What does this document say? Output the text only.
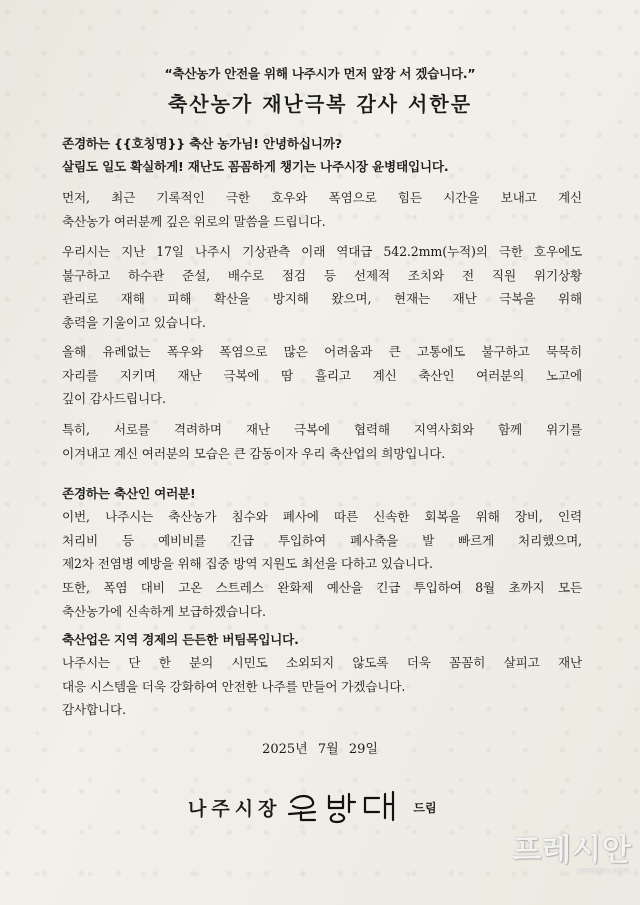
“축산농가 안전을 위해 나주시가 먼저 앞장 서 겠습니다.”
축산농가 재난극복 감사 서한문

존경하는 {{호칭명}} 축산 농가님! 안녕하십니까?

살림도 일도 확실하게! 재난도 꼼꼼하게 챙기는 나주시장 윤병태입니다.

먼저, 최근 기록적인 극한 호우와 폭염으로 힘든 시간을 보내고 계신
축산농가 여러분께 깊은 위로의 말씀을 드립니다.

우리시는 지난 17일 나주시 기상관측 이래 역대급 542.2mm(누적)의 극한 호우에도
불구하고 하수관 준설, 배수로 점검 등 선제적 조치와 전 직원 위기상황
관리로 재해 피해 확산을 방지해 왔으며, 현재는 재난 극복을 위해
총력을 기울이고 있습니다.

올해 유례없는 폭우와 폭염으로 많은 어려움과 큰 고통에도 불구하고 묵묵히
자리를 지키며 재난 극복에 땀 흘리고 계신 축산인 여러분의 노고에
깊이 감사드립니다.

특히, 서로를 격려하며 재난 극복에 협력해 지역사회와 함께 위기를
이겨내고 계신 여러분의 모습은 큰 감동이자 우리 축산업의 희망입니다.

존경하는 축산인 여러분!

이번, 나주시는 축산농가 침수와 폐사에 따른 신속한 회복을 위해 장비, 인력
처리비 등 예비비를 긴급 투입하여 폐사축을 발 빠르게 처리했으며,
제2차 전염병 예방을 위해 집중 방역 지원도 최선을 다하고 있습니다.

또한, 폭염 대비 고온 스트레스 완화제 예산을 긴급 투입하여 8월 초까지 모든
축산농가에 신속하게 보급하겠습니다.

축산업은 지역 경제의 든든한 버팀목입니다.

나주시는 단 한 분의 시민도 소외되지 않도록 더욱 꼼꼼히 살피고 재난
대응 시스템을 더욱 강화하여 안전한 나주를 만들어 가겠습니다.
감사합니다.

2025년 7월 29일
나주시장	드림
프레시안
pressian.com
